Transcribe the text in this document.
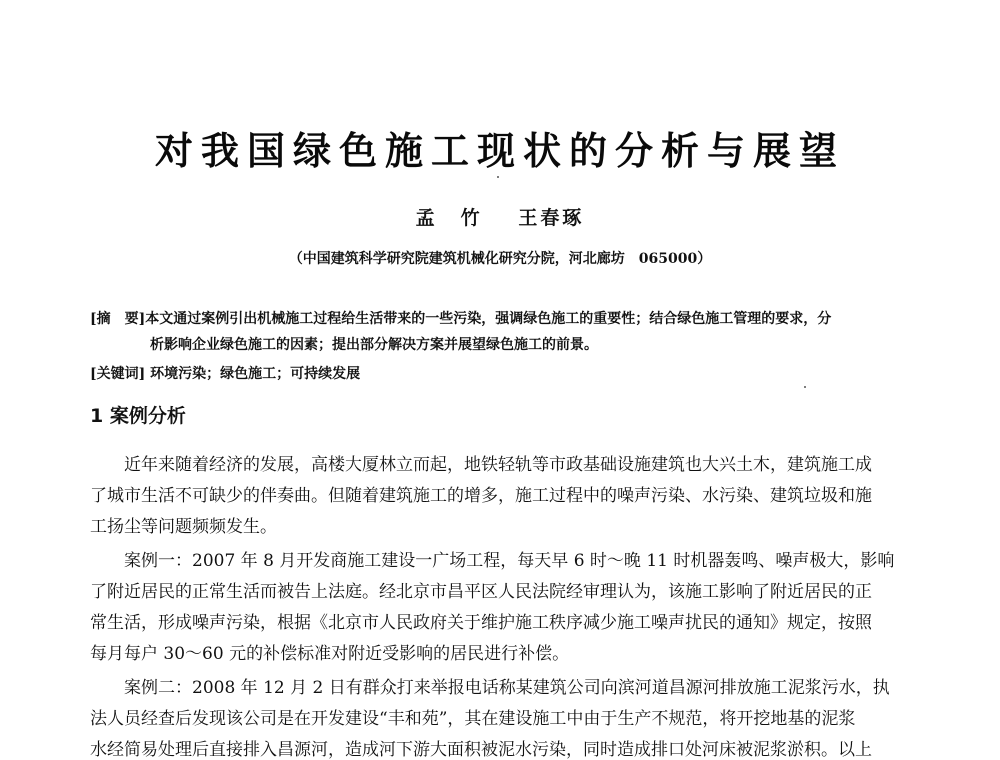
对我国绿色施工现状的分析与展望
孟竹 王春琢

（中国建筑科学研究院建筑机械化研究分院，河北廊坊　065000）

[摘　要] 本文通过案例引出机械施工过程给生活带来的一些污染，强调绿色施工的重要性；结合绿色施工管理的要求，分
析影响企业绿色施工的因素；提出部分解决方案并展望绿色施工的前景。
[关键词] 环境污染；绿色施工；可持续发展
1 案例分析

近年来随着经济的发展，高楼大厦林立而起，地铁轻轨等市政基础设施建筑也大兴土木，建筑施工成
了城市生活不可缺少的伴奏曲。但随着建筑施工的增多，施工过程中的噪声污染、水污染、建筑垃圾和施
工扬尘等问题频频发生。

案例一：2007 年 8 月开发商施工建设一广场工程，每天早 6 时～晚 11 时机器轰鸣、噪声极大，影响
了附近居民的正常生活而被告上法庭。经北京市昌平区人民法院经审理认为，该施工影响了附近居民的正
常生活，形成噪声污染，根据《北京市人民政府关于维护施工秩序减少施工噪声扰民的通知》规定，按照
每月每户 30～60 元的补偿标准对附近受影响的居民进行补偿。

案例二：2008 年 12 月 2 日有群众打来举报电话称某建筑公司向滨河道昌源河排放施工泥浆污水，执
法人员经查后发现该公司是在开发建设“丰和苑”，其在建设施工中由于生产不规范，将开挖地基的泥浆
水经简易处理后直接排入昌源河，造成河下游大面积被泥水污染，同时造成排口处河床被泥浆淤积。以上
